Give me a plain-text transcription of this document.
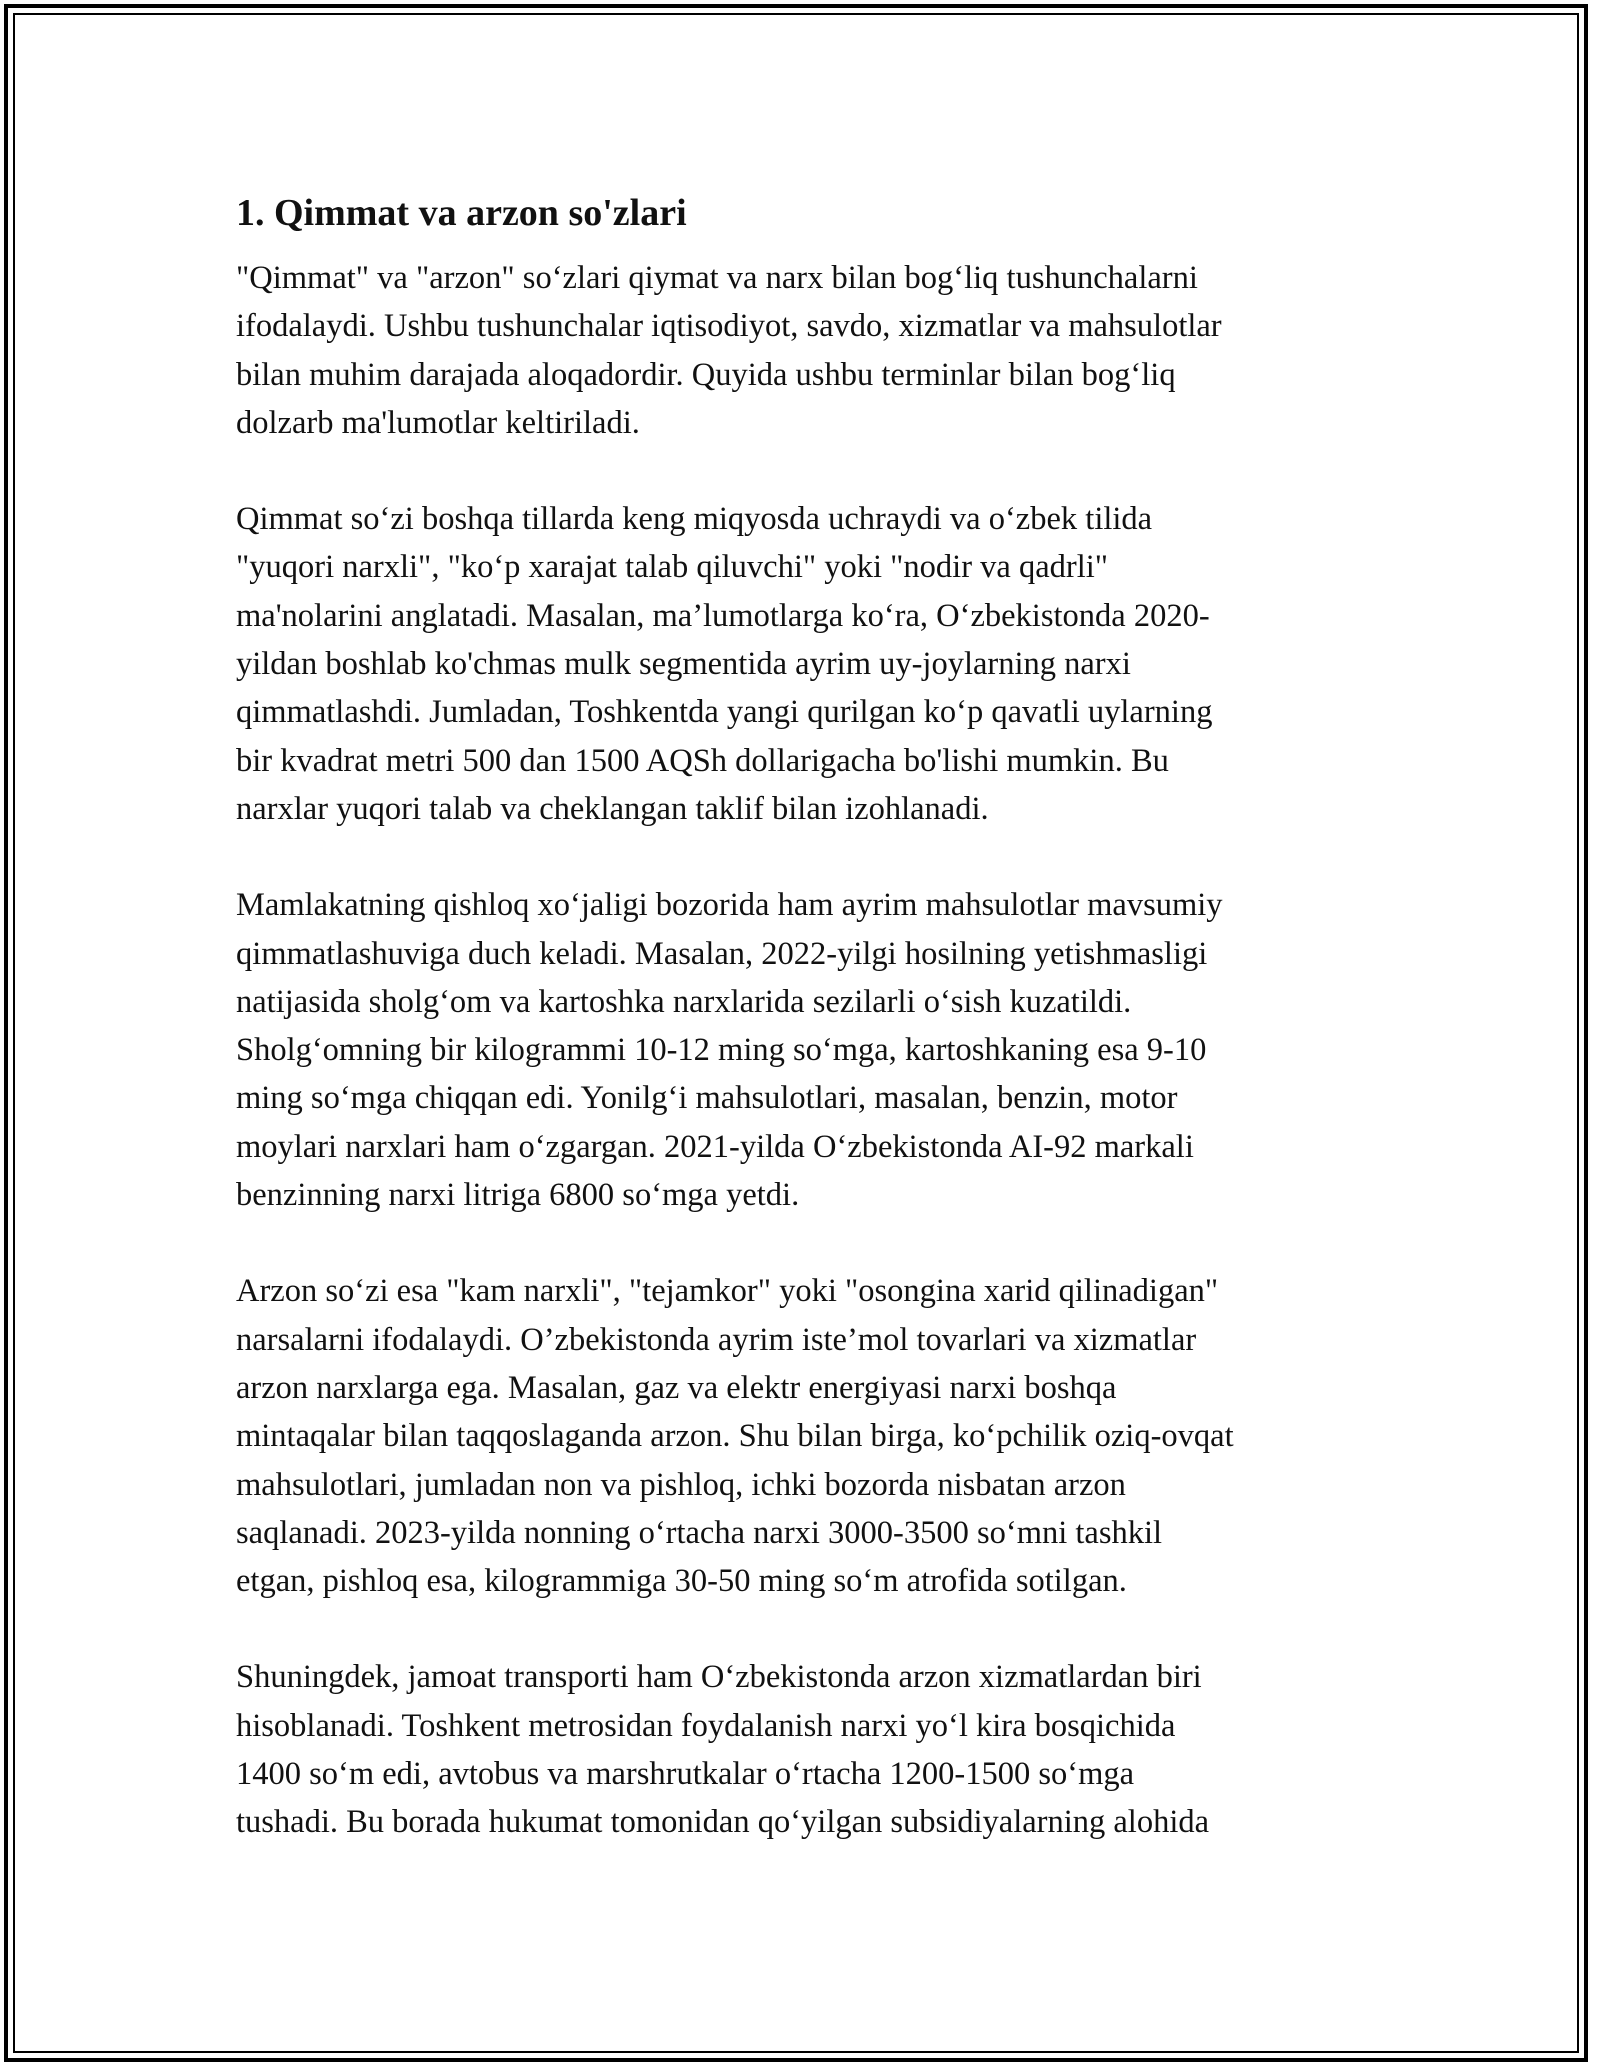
1. Qimmat va arzon so'zlari
"Qimmat" va "arzon" so‘zlari qiymat va narx bilan bog‘liq tushunchalarni
ifodalaydi. Ushbu tushunchalar iqtisodiyot, savdo, xizmatlar va mahsulotlar
bilan muhim darajada aloqadordir. Quyida ushbu terminlar bilan bog‘liq
dolzarb ma'lumotlar keltiriladi.
Qimmat so‘zi boshqa tillarda keng miqyosda uchraydi va o‘zbek tilida
"yuqori narxli", "ko‘p xarajat talab qiluvchi" yoki "nodir va qadrli"
ma'nolarini anglatadi. Masalan, ma’lumotlarga ko‘ra, O‘zbekistonda 2020-
yildan boshlab ko'chmas mulk segmentida ayrim uy-joylarning narxi
qimmatlashdi. Jumladan, Toshkentda yangi qurilgan ko‘p qavatli uylarning
bir kvadrat metri 500 dan 1500 AQSh dollarigacha bo'lishi mumkin. Bu
narxlar yuqori talab va cheklangan taklif bilan izohlanadi.
Mamlakatning qishloq xo‘jaligi bozorida ham ayrim mahsulotlar mavsumiy
qimmatlashuviga duch keladi. Masalan, 2022-yilgi hosilning yetishmasligi
natijasida sholg‘om va kartoshka narxlarida sezilarli o‘sish kuzatildi.
Sholg‘omning bir kilogrammi 10-12 ming so‘mga, kartoshkaning esa 9-10
ming so‘mga chiqqan edi. Yonilg‘i mahsulotlari, masalan, benzin, motor
moylari narxlari ham o‘zgargan. 2021-yilda O‘zbekistonda AI-92 markali
benzinning narxi litriga 6800 so‘mga yetdi.
Arzon so‘zi esa "kam narxli", "tejamkor" yoki "osongina xarid qilinadigan"
narsalarni ifodalaydi. O’zbekistonda ayrim iste’mol tovarlari va xizmatlar
arzon narxlarga ega. Masalan, gaz va elektr energiyasi narxi boshqa
mintaqalar bilan taqqoslaganda arzon. Shu bilan birga, ko‘pchilik oziq-ovqat
mahsulotlari, jumladan non va pishloq, ichki bozorda nisbatan arzon
saqlanadi. 2023-yilda nonning o‘rtacha narxi 3000-3500 so‘mni tashkil
etgan, pishloq esa, kilogrammiga 30-50 ming so‘m atrofida sotilgan.
Shuningdek, jamoat transporti ham O‘zbekistonda arzon xizmatlardan biri
hisoblanadi. Toshkent metrosidan foydalanish narxi yo‘l kira bosqichida
1400 so‘m edi, avtobus va marshrutkalar o‘rtacha 1200-1500 so‘mga
tushadi. Bu borada hukumat tomonidan qo‘yilgan subsidiyalarning alohida
